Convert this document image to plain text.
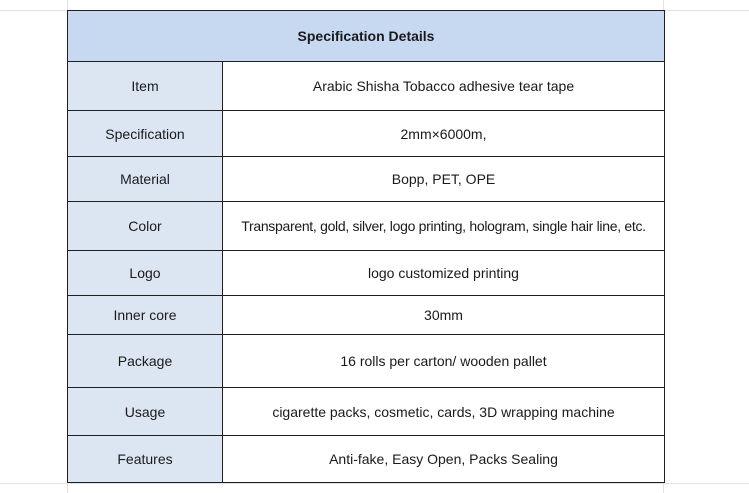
Specification Details	
Item	Arabic Shisha Tobacco adhesive tear tape
Specification	2mm×6000m,
Material	Bopp, PET, OPE
Color	Transparent, gold, silver, logo printing, hologram, single hair line, etc.
Logo	logo customized printing
Inner core	30mm
Package	16 rolls per carton/ wooden pallet
Usage	cigarette packs, cosmetic, cards, 3D wrapping machine
Features	Anti-fake, Easy Open, Packs Sealing
